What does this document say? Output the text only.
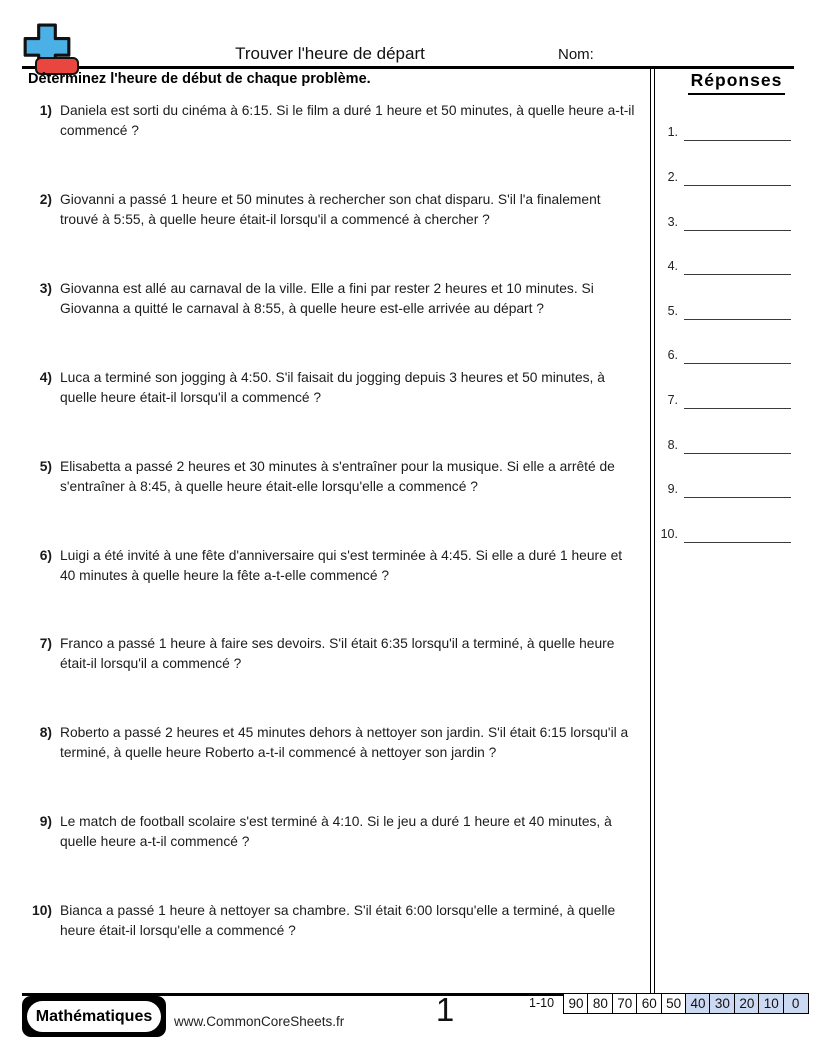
Trouver l'heure de départ	Nom:
Déterminez l'heure de début de chaque problème.	Réponses
1.
2.
3.
4.
5.
6.
7.
8.
9.
10.
1) Daniela est sorti du cinéma à 6:15. Si le film a duré 1 heure et 50 minutes, à quelle heure a-t-il commencé ?
2) Giovanni a passé 1 heure et 50 minutes à rechercher son chat disparu. S'il l'a finalement trouvé à 5:55, à quelle heure était-il lorsqu'il a commencé à chercher ?
3) Giovanna est allé au carnaval de la ville. Elle a fini par rester 2 heures et 10 minutes. Si Giovanna a quitté le carnaval à 8:55, à quelle heure est-elle arrivée au départ ?
4) Luca a terminé son jogging à 4:50. S'il faisait du jogging depuis 3 heures et 50 minutes, à quelle heure était-il lorsqu'il a commencé ?
5) Elisabetta a passé 2 heures et 30 minutes à s'entraîner pour la musique. Si elle a arrêté de s'entraîner à 8:45, à quelle heure était-elle lorsqu'elle a commencé ?
6) Luigi a été invité à une fête d'anniversaire qui s'est terminée à 4:45. Si elle a duré 1 heure et 40 minutes à quelle heure la fête a-t-elle commencé ?
7) Franco a passé 1 heure à faire ses devoirs. S'il était 6:35 lorsqu'il a terminé, à quelle heure était-il lorsqu'il a commencé ?
8) Roberto a passé 2 heures et 45 minutes dehors à nettoyer son jardin. S'il était 6:15 lorsqu'il a terminé, à quelle heure Roberto a-t-il commencé à nettoyer son jardin ?
9) Le match de football scolaire s'est terminé à 4:10. Si le jeu a duré 1 heure et 40 minutes, à quelle heure a-t-il commencé ?
10) Bianca a passé 1 heure à nettoyer sa chambre. S'il était 6:00 lorsqu'elle a terminé, à quelle heure était-il lorsqu'elle a commencé ?
Mathématiques	www.CommonCoreSheets.fr	1	1-10	90 80 70 60 50 40 30 20 10 0
